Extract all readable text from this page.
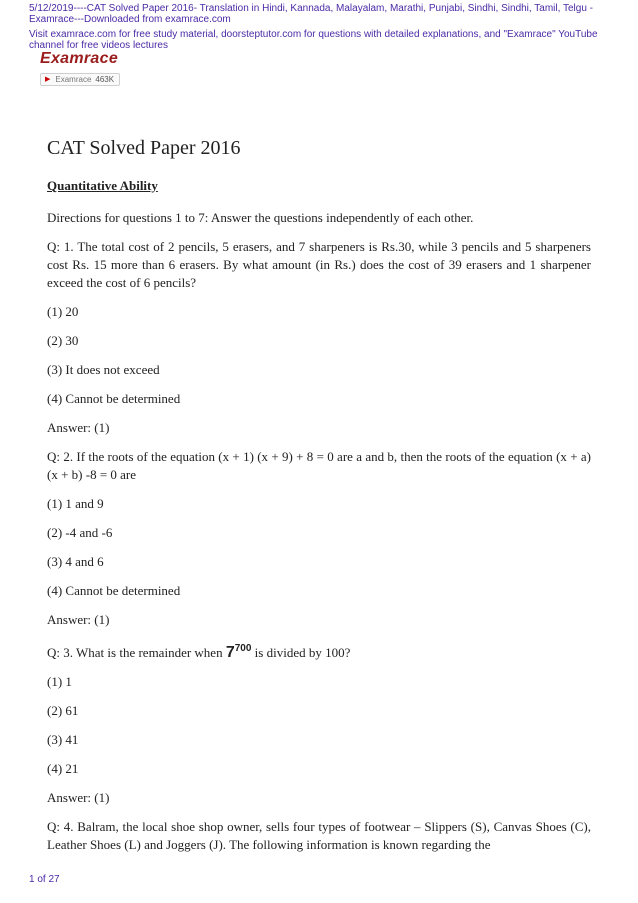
5/12/2019----CAT Solved Paper 2016- Translation in Hindi, Kannada, Malayalam, Marathi, Punjabi, Sindhi, Sindhi, Tamil, Telgu - Examrace---Downloaded from examrace.com

Visit examrace.com for free study material, doorsteptutor.com for questions with detailed explanations, and "Examrace" YouTube channel for free videos lectures

Examrace
▶ Examrace 463K
CAT Solved Paper 2016

Quantitative Ability

Directions for questions 1 to 7: Answer the questions independently of each other.

Q: 1. The total cost of 2 pencils, 5 erasers, and 7 sharpeners is Rs.30, while 3 pencils and 5 sharpeners cost Rs. 15 more than 6 erasers. By what amount (in Rs.) does the cost of 39 erasers and 1 sharpener exceed the cost of 6 pencils?

(1) 20

(2) 30

(3) It does not exceed

(4) Cannot be determined

Answer: (1)

Q: 2. If the roots of the equation (x + 1) (x + 9) + 8 = 0 are a and b, then the roots of the equation (x + a) (x + b) -8 = 0 are

(1) 1 and 9

(2) -4 and -6

(3) 4 and 6

(4) Cannot be determined

Answer: (1)

Q: 3. What is the remainder when $7^{700}$ is divided by 100?

(1) 1

(2) 61

(3) 41

(4) 21

Answer: (1)

Q: 4. Balram, the local shoe shop owner, sells four types of footwear – Slippers (S), Canvas Shoes (C), Leather Shoes (L) and Joggers (J). The following information is known regarding the

1 of 27
